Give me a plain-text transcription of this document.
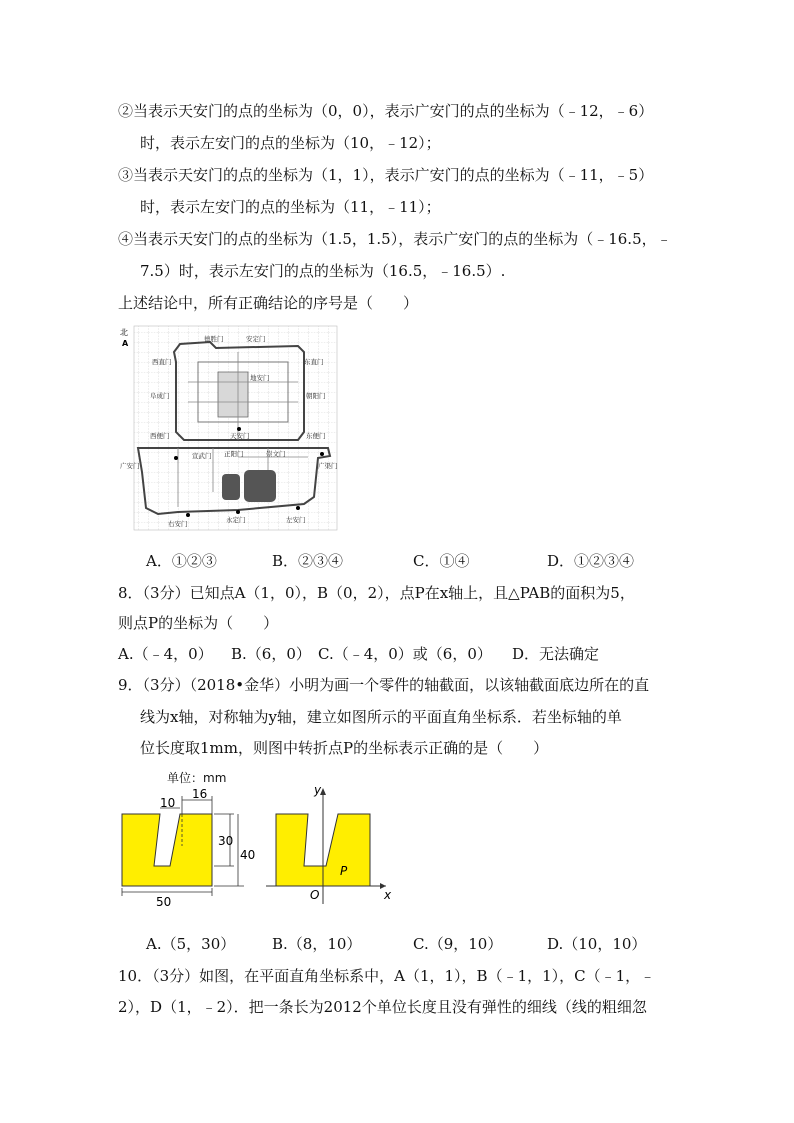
②当表示天安门的点的坐标为（0，0），表示广安门的点的坐标为（﹣12，﹣6）
时，表示左安门的点的坐标为（10，﹣12）；
③当表示天安门的点的坐标为（1，1），表示广安门的点的坐标为（﹣11，﹣5）
时，表示左安门的点的坐标为（11，﹣11）；
④当表示天安门的点的坐标为（1.5，1.5），表示广安门的点的坐标为（﹣16.5，﹣
7.5）时，表示左安门的点的坐标为（16.5，﹣16.5）.
上述结论中，所有正确结论的序号是（　　）
北
A	德胜门	安定门
西直门	东直门
地安门
阜成门	朝阳门
西便门	天安门	东便门
广安门
宣武门 正阳门	崇文门
广渠门
右安门	永定门	左安门
A．①②③	B．②③④	C．①④	D．①②③④
8．（3分）已知点A（1，0），B（0，2），点P在x轴上，且△PAB的面积为5，
则点P的坐标为（　　）
A.（﹣4，0） B.（6，0） C.（﹣4，0）或（6，0） D．无法确定
9．（3分）（2018•金华）小明为画一个零件的轴截面，以该轴截面底边所在的直
线为x轴，对称轴为y轴，建立如图所示的平面直角坐标系．若坐标轴的单
位长度取1mm，则图中转折点P的坐标表示正确的是（　　）
单位：mm
10
16
30
40
50
y
x
O
P
A.（5，30） B.（8，10）	C.（9，10）	D.（10，10）
10．（3分）如图，在平面直角坐标系中，A（1，1），B（﹣1，1），C（﹣1，﹣
2），D（1，﹣2）．把一条长为2012个单位长度且没有弹性的细线（线的粗细忽
